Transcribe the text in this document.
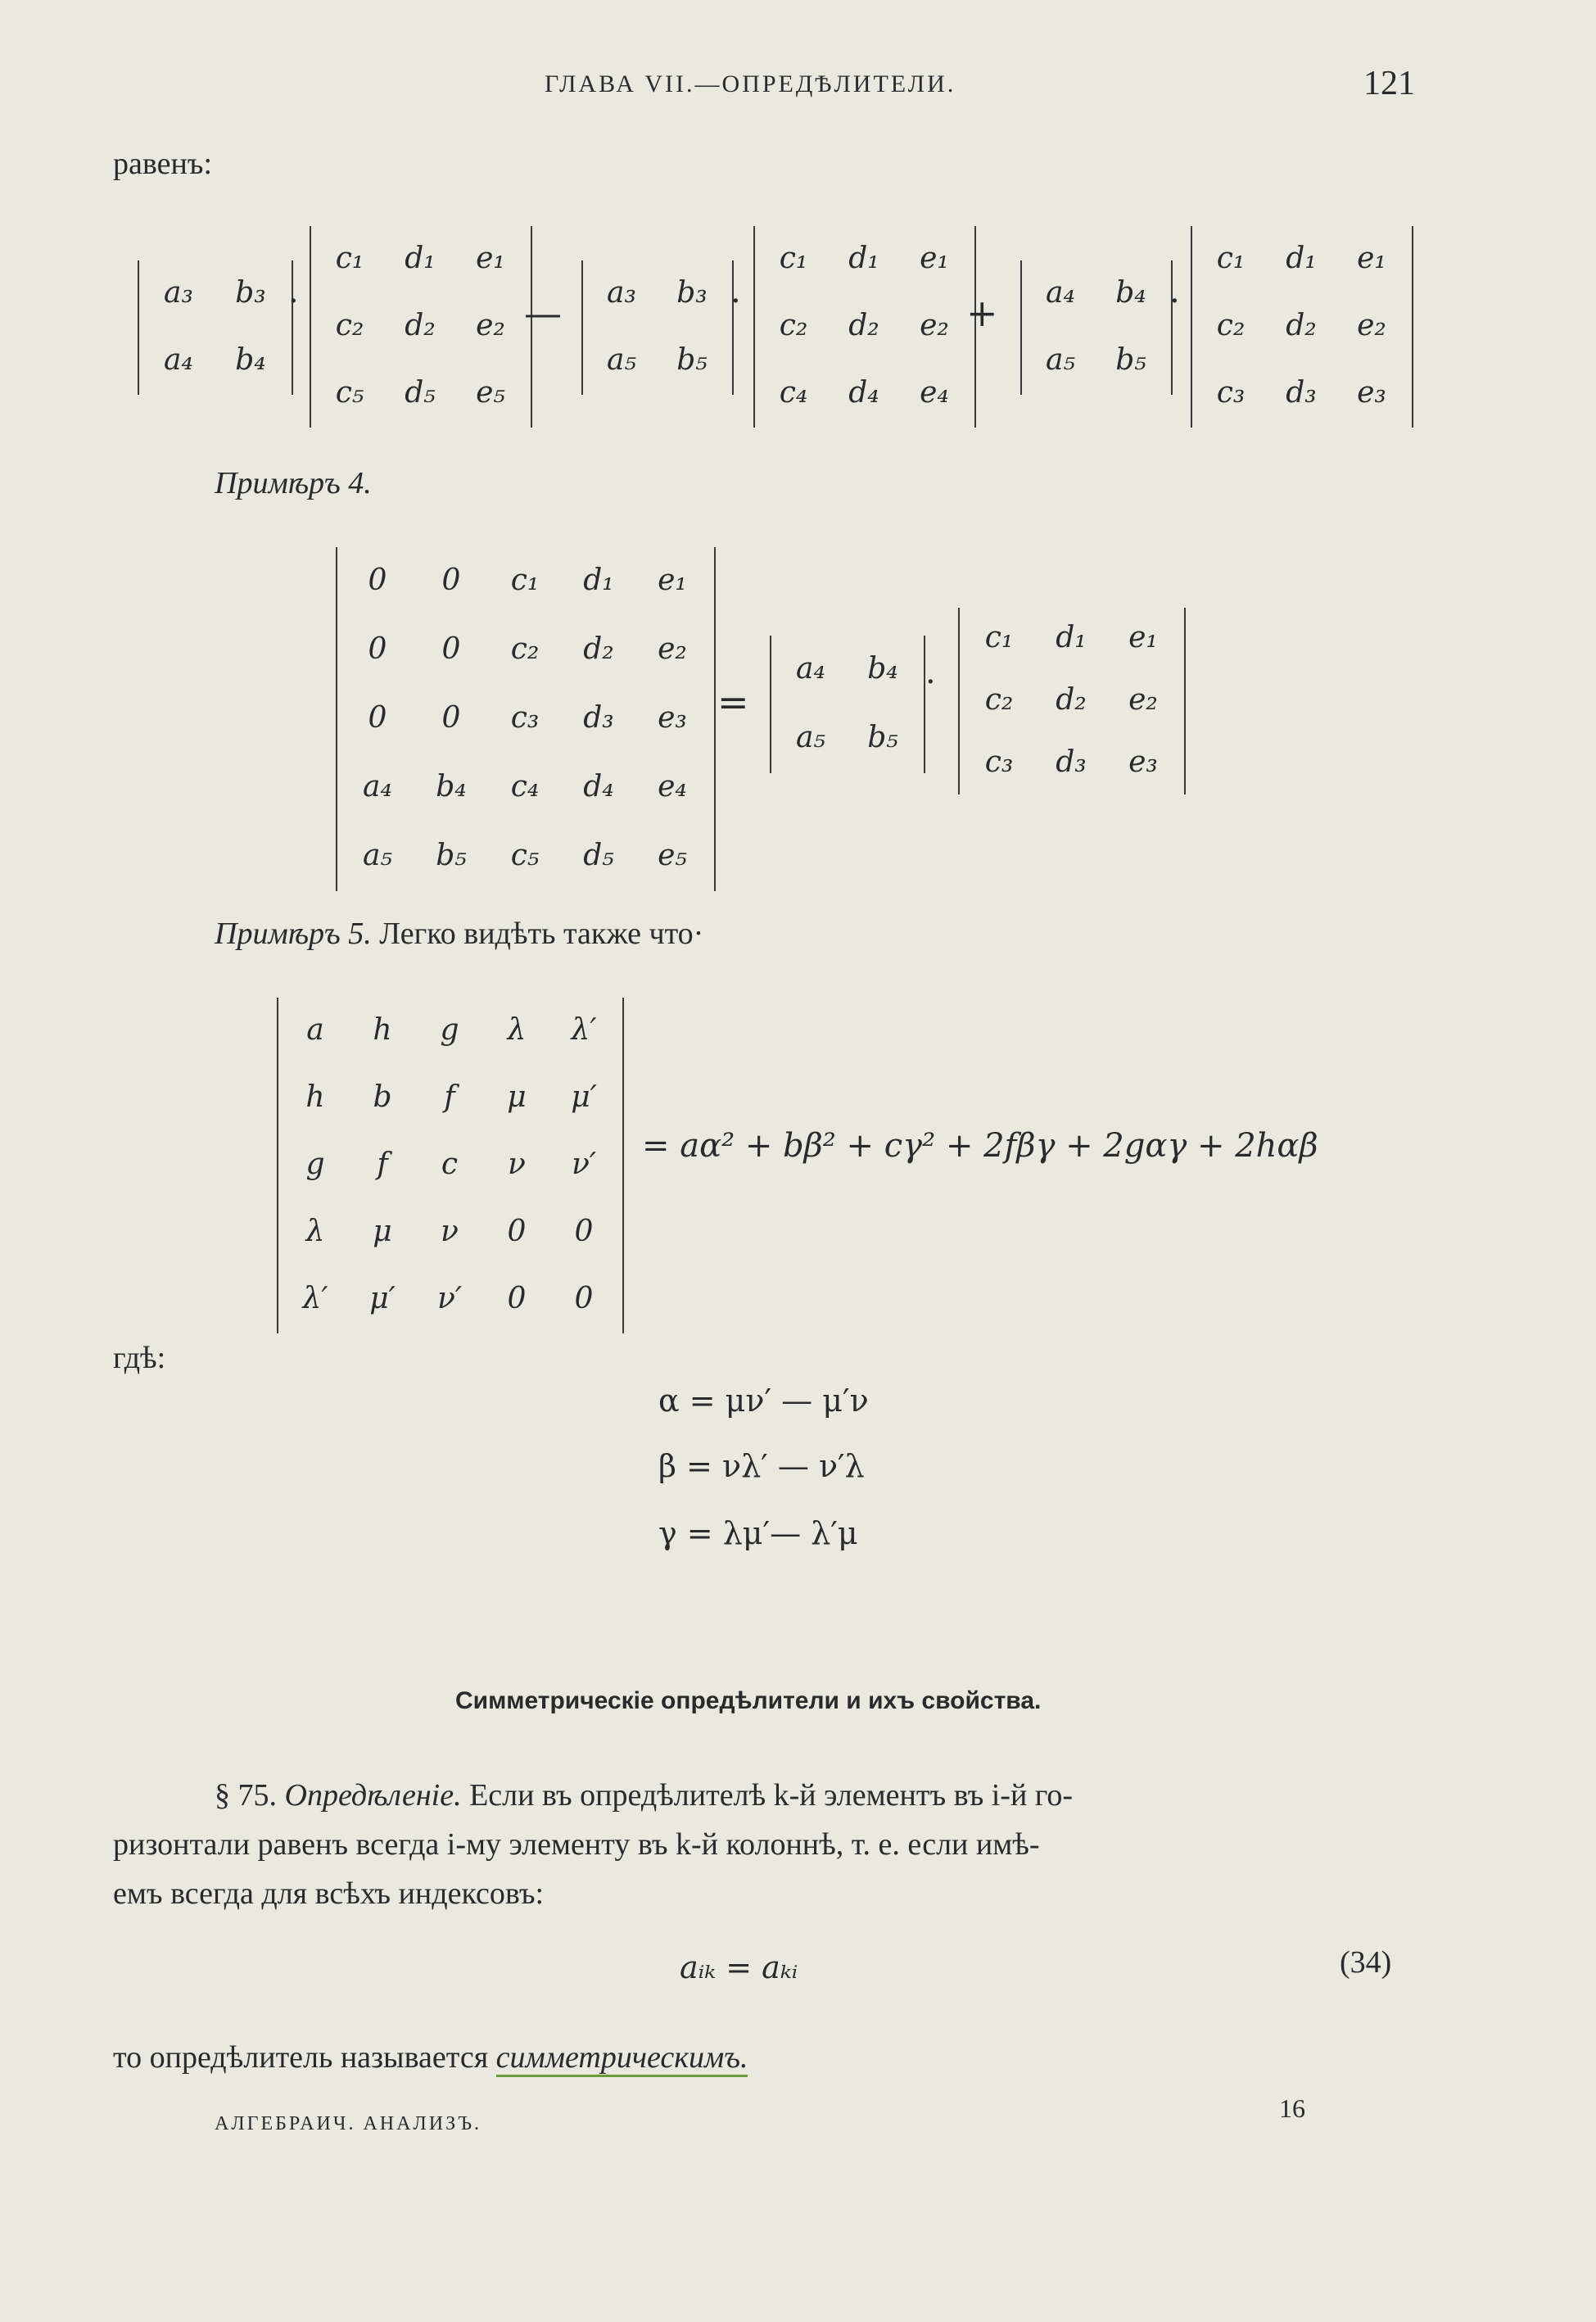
ГЛАВА VII.—ОПРЕДѢЛИТЕЛИ.	121
равенъ:
a₃	b₃
a₄	b₄
·
c₁	d₁	e₁
c₂	d₂	e₂
c₅	d₅	e₅
—	a₃	b₃
a₅	b₅
·
c₁	d₁	e₁
c₂	d₂	e₂
c₄	d₄	e₄
+	a₄	b₄
a₅	b₅
·
c₁	d₁	e₁
c₂	d₂	e₂
c₃	d₃	e₃
Примѣръ 4.
0	0	c₁	d₁	e₁
0	0	c₂	d₂	e₂
0	0	c₃	d₃	e₃
a₄	b₄	c₄	d₄	e₄
a₅	b₅	c₅	d₅	e₅
=
a₄	b₄
a₅	b₅
·
c₁	d₁	e₁
c₂	d₂	e₂
c₃	d₃	e₃
Примѣръ 5. Легко видѣть также что·
a	h	g	λ	λ′
h	b	f	μ	μ′
g	f	c	ν	ν′
λ	μ	ν	0	0
λ′	μ′	ν′	0	0
= aα² + bβ² + cγ² + 2fβγ + 2gαγ + 2hαβ
гдѣ:
α = μν′ — μ′ν
β = νλ′ — ν′λ
γ = λμ′— λ′μ
Симметрическіе опредѣлители и ихъ свойства.
§ 75. Опредѣленіе. Если въ опредѣлителѣ k-й элементъ въ i-й го-
ризонтали равенъ всегда i-му элементу въ k-й колоннѣ, т. е. если имѣ-
емъ всегда для всѣхъ индексовъ:
aᵢₖ = aₖᵢ	(34)
то опредѣлитель называется симметрическимъ.
АЛГЕБРАИЧ. АНАЛИЗЪ.
16
